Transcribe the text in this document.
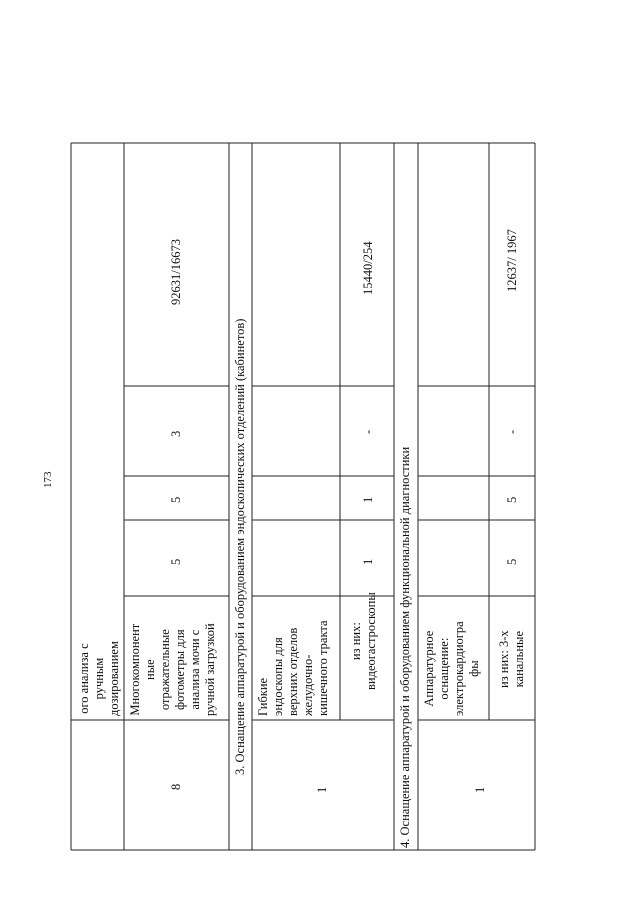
173
8
ого анализа с ручным дозированием Многокомпонент ные отражательные фотометры для анализа мочи с ручной загрузкой
5
5
3
92631/16673
3. Оснащение аппаратурой и оборудованием эндоскопических отделений (кабинетов)
1
Гибкие эндоскопы для верхних отделов желудочно- кишечного тракта из них: видеогастроскопы
1
1
-
15440/254
4. Оснащение аппаратурой и оборудованием функциональной диагностики	1
Аппаратурное оснащение: электрокардиогра фы из них: 3-х канальные
5
5
-
12637/ 1967
